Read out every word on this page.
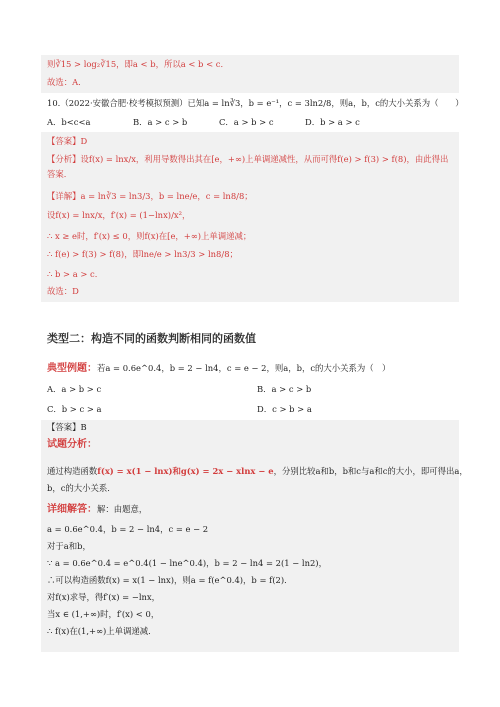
则∛15 > log₂∛15，即a < b，所以a < b < c．
故选：A．
10.（2022·安徽合肥·校考模拟预测）已知a = ln∛3，b = e⁻¹，c = 3ln2/8，则a，b，c的大小关系为（　　）
A．b<c<a	B．a > c > b	C．a > b > c	D．b > a > c
【答案】D
【分析】设f(x) = lnx/x，利用导数得出其在[e，+∞)上单调递减性，从而可得f(e) > f(3) > f(8)，由此得出
答案．
【详解】a = ln∛3 = ln3/3，b = lne/e，c = ln8/8；
设f(x) = lnx/x，f′(x) = (1−lnx)/x²，
∴ x ≥ e时，f′(x) ≤ 0，则f(x)在[e，+∞)上单调递减；
∴ f(e) > f(3) > f(8)，即lne/e > ln3/3 > ln8/8；
∴ b > a > c．
故选：D
类型二：构造不同的函数判断相同的函数值
典型例题：若a = 0.6e^0.4，b = 2 − ln4，c = e − 2，则a，b，c的大小关系为（　）
A．a > b > c	B．a > c > b
C．b > c > a	D．c > b > a
【答案】B
试题分析：
通过构造函数f(x) = x(1 − lnx)和g(x) = 2x − xlnx − e，分别比较a和b，b和c与a和c的大小，即可得出a，
b，c的大小关系．
详细解答：解：由题意，
a = 0.6e^0.4，b = 2 − ln4，c = e − 2
对于a和b，
∵ a = 0.6e^0.4 = e^0.4(1 − lne^0.4)，b = 2 − ln4 = 2(1 − ln2)，
∴可以构造函数f(x) = x(1 − lnx)，则a = f(e^0.4)，b = f(2)．
对f(x)求导，得f′(x) = −lnx，
当x ∈ (1,+∞)时，f′(x) < 0，
∴ f(x)在(1,+∞)上单调递减．
